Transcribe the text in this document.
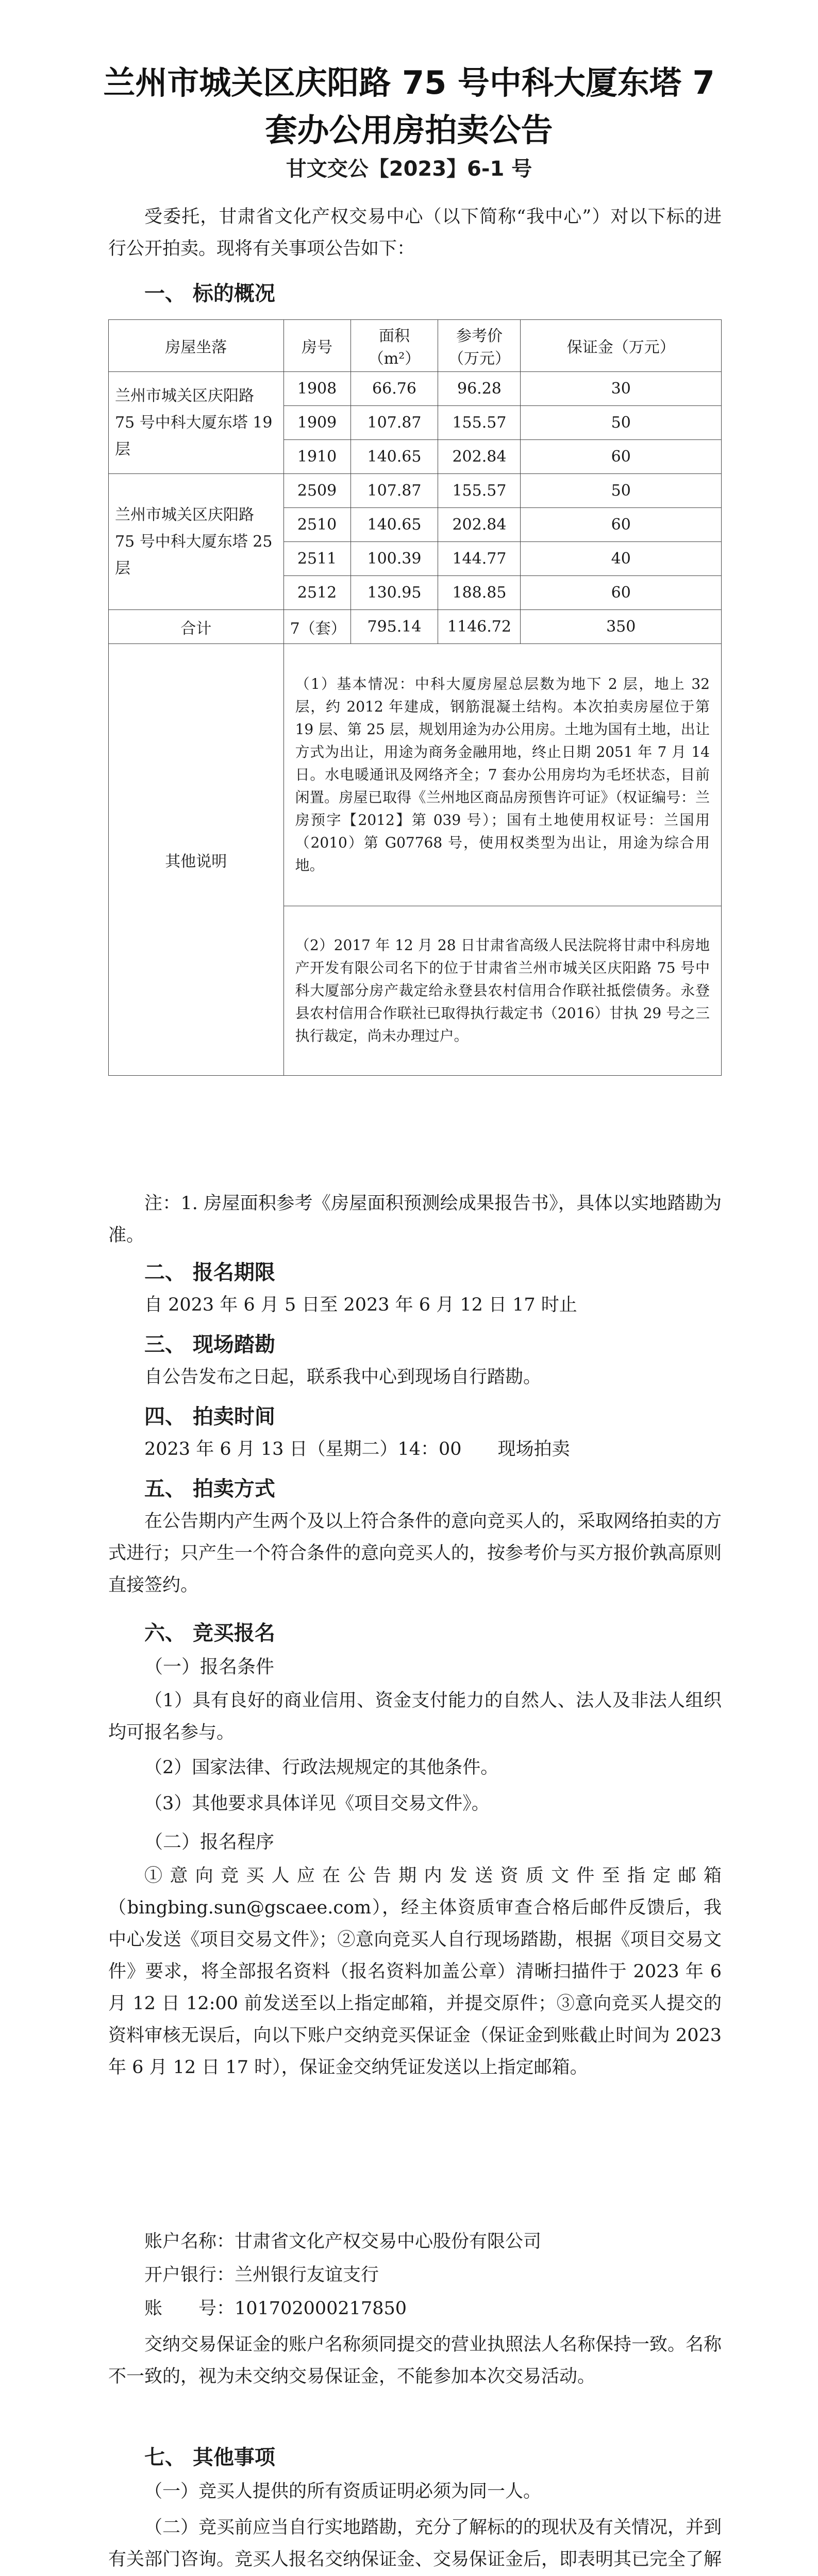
兰州市城关区庆阳路 75 号中科大厦东塔 7
套办公用房拍卖公告
甘文交公【2023】6-1 号
受委托，甘肃省文化产权交易中心（以下简称“我中心”）对以下标的进行公开拍卖。现将有关事项公告如下：
一、 标的概况
房屋坐落	房号	面积（m²）	参考价（万元）	保证金（万元）
兰州市城关区庆阳路 75 号中科大厦东塔 19 层	1908	66.76	96.28	30
	1909	107.87	155.57	50
	1910	140.65	202.84	60
兰州市城关区庆阳路 75 号中科大厦东塔 25 层	2509	107.87	155.57	50
	2510	140.65	202.84	60
	2511	100.39	144.77	40
	2512	130.95	188.85	60
合计	7（套）	795.14	1146.72	350
其他说明	（1）基本情况：中科大厦房屋总层数为地下 2 层，地上 32 层，约 2012 年建成，钢筋混凝土结构。本次拍卖房屋位于第 19 层、第 25 层，规划用途为办公用房。土地为国有土地，出让方式为出让，用途为商务金融用地，终止日期 2051 年 7 月 14 日。水电暖通讯及网络齐全；7 套办公用房均为毛坯状态，目前闲置。房屋已取得《兰州地区商品房预售许可证》（权证编号：兰房预字【2012】第 039 号）；国有土地使用权证号：兰国用（2010）第 G07768 号，使用权类型为出让，用途为综合用地。			
	（2）2017 年 12 月 28 日甘肃省高级人民法院将甘肃中科房地产开发有限公司名下的位于甘肃省兰州市城关区庆阳路 75 号中科大厦部分房产裁定给永登县农村信用合作联社抵偿债务。永登县农村信用合作联社已取得执行裁定书（2016）甘执 29 号之三执行裁定，尚未办理过户。			
注：1. 房屋面积参考《房屋面积预测绘成果报告书》，具体以实地踏勘为准。
二、 报名期限
自 2023 年 6 月 5 日至 2023 年 6 月 12 日 17 时止
三、 现场踏勘
自公告发布之日起，联系我中心到现场自行踏勘。
四、 拍卖时间
2023 年 6 月 13 日（星期二）14：00　　现场拍卖
五、 拍卖方式
在公告期内产生两个及以上符合条件的意向竞买人的，采取网络拍卖的方式进行；只产生一个符合条件的意向竞买人的，按参考价与买方报价孰高原则直接签约。
六、 竞买报名
（一）报名条件
（1）具有良好的商业信用、资金支付能力的自然人、法人及非法人组织均可报名参与。
（2）国家法律、行政法规规定的其他条件。
（3）其他要求具体详见《项目交易文件》。
（二）报名程序
①意向竞买人应在公告期内发送资质文件至指定邮箱（bingbing.sun@gscaee.com），经主体资质审查合格后邮件反馈后，我中心发送《项目交易文件》；②意向竞买人自行现场踏勘，根据《项目交易文件》要求，将全部报名资料（报名资料加盖公章）清晰扫描件于 2023 年 6 月 12 日 12:00 前发送至以上指定邮箱，并提交原件；③意向竞买人提交的资料审核无误后，向以下账户交纳竞买保证金（保证金到账截止时间为 2023 年 6 月 12 日 17 时），保证金交纳凭证发送以上指定邮箱。
账户名称：甘肃省文化产权交易中心股份有限公司
开户银行：兰州银行友谊支行
账　　号：101702000217850
交纳交易保证金的账户名称须同提交的营业执照法人名称保持一致。名称不一致的，视为未交纳交易保证金，不能参加本次交易活动。
七、 其他事项
（一）竞买人提供的所有资质证明必须为同一人。
（二）竞买前应当自行实地踏勘，充分了解标的的现状及有关情况，并到有关部门咨询。竞买人报名交纳保证金、交易保证金后，即表明其已完全了解
